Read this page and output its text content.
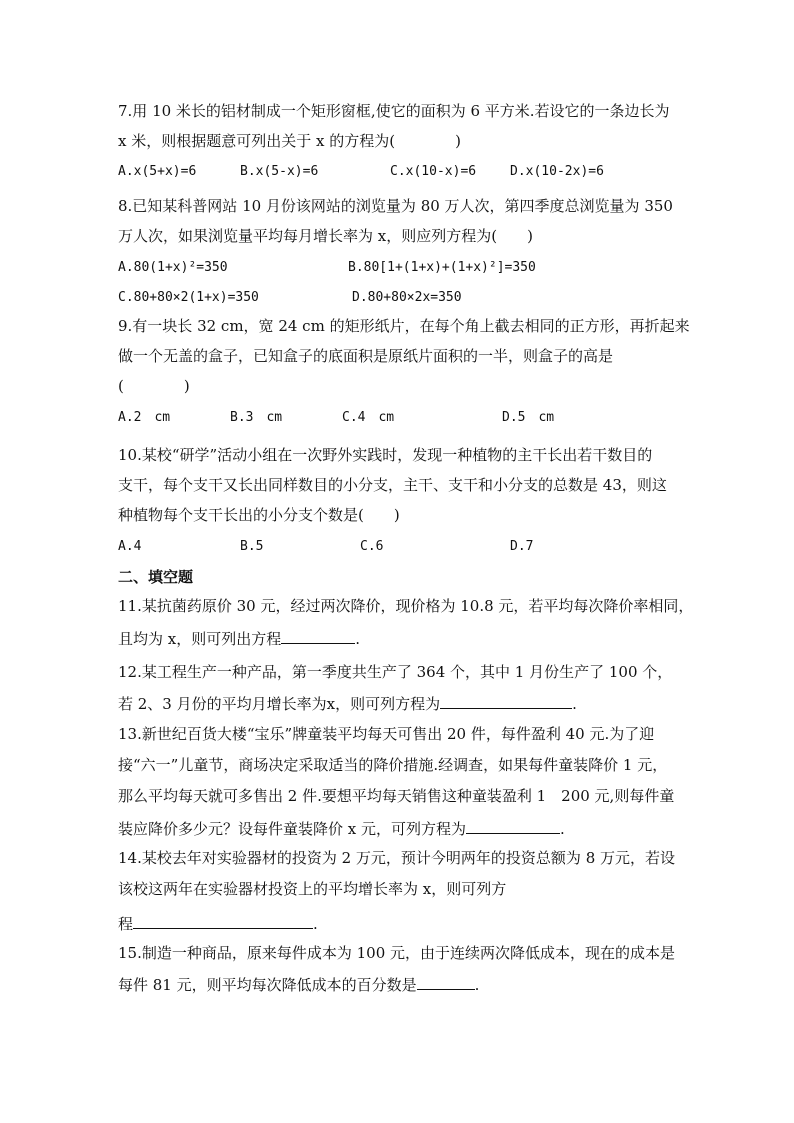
7.用 10 米长的铝材制成一个矩形窗框,使它的面积为 6 平方米.若设它的一条边长为
x 米，则根据题意可列出关于 x 的方程为(　　　　)
A.x(5+x)=6	B.x(5-x)=6	C.x(10-x)=6	D.x(10-2x)=6
8.已知某科普网站 10 月份该网站的浏览量为 80 万人次，第四季度总浏览量为 350
万人次，如果浏览量平均每月增长率为 x，则应列方程为(　　)
A.80(1+x)²=350	B.80[1+(1+x)+(1+x)²]=350
C.80+80×2(1+x)=350	D.80+80×2x=350
9.有一块长 32 cm，宽 24 cm 的矩形纸片，在每个角上截去相同的正方形，再折起来
做一个无盖的盒子，已知盒子的底面积是原纸片面积的一半，则盒子的高是
(　　　　)
A.2　cm	B.3　cm	C.4　cm	D.5　cm
10.某校“研学”活动小组在一次野外实践时，发现一种植物的主干长出若干数目的
支干，每个支干又长出同样数目的小分支，主干、支干和小分支的总数是 43，则这
种植物每个支干长出的小分支个数是(　　)
A.4	B.5	C.6	D.7
二、填空题
11.某抗菌药原价 30 元，经过两次降价，现价格为 10.8 元，若平均每次降价率相同，
且均为 x，则可列出方程	.
12.某工程生产一种产品，第一季度共生产了 364 个，其中 1 月份生产了 100 个，
若 2、3 月份的平均月增长率为x，则可列方程为	.
13.新世纪百货大楼“宝乐”牌童装平均每天可售出 20 件，每件盈利 40 元.为了迎
接“六一”儿童节，商场决定采取适当的降价措施.经调查，如果每件童装降价 1 元，
那么平均每天就可多售出 2 件.要想平均每天销售这种童装盈利 1　200 元,则每件童
装应降价多少元？设每件童装降价 x 元，可列方程为	.
14.某校去年对实验器材的投资为 2 万元，预计今明两年的投资总额为 8 万元，若设
该校这两年在实验器材投资上的平均增长率为 x，则可列方
程	.
15.制造一种商品，原来每件成本为 100 元，由于连续两次降低成本，现在的成本是
每件 81 元，则平均每次降低成本的百分数是	.
